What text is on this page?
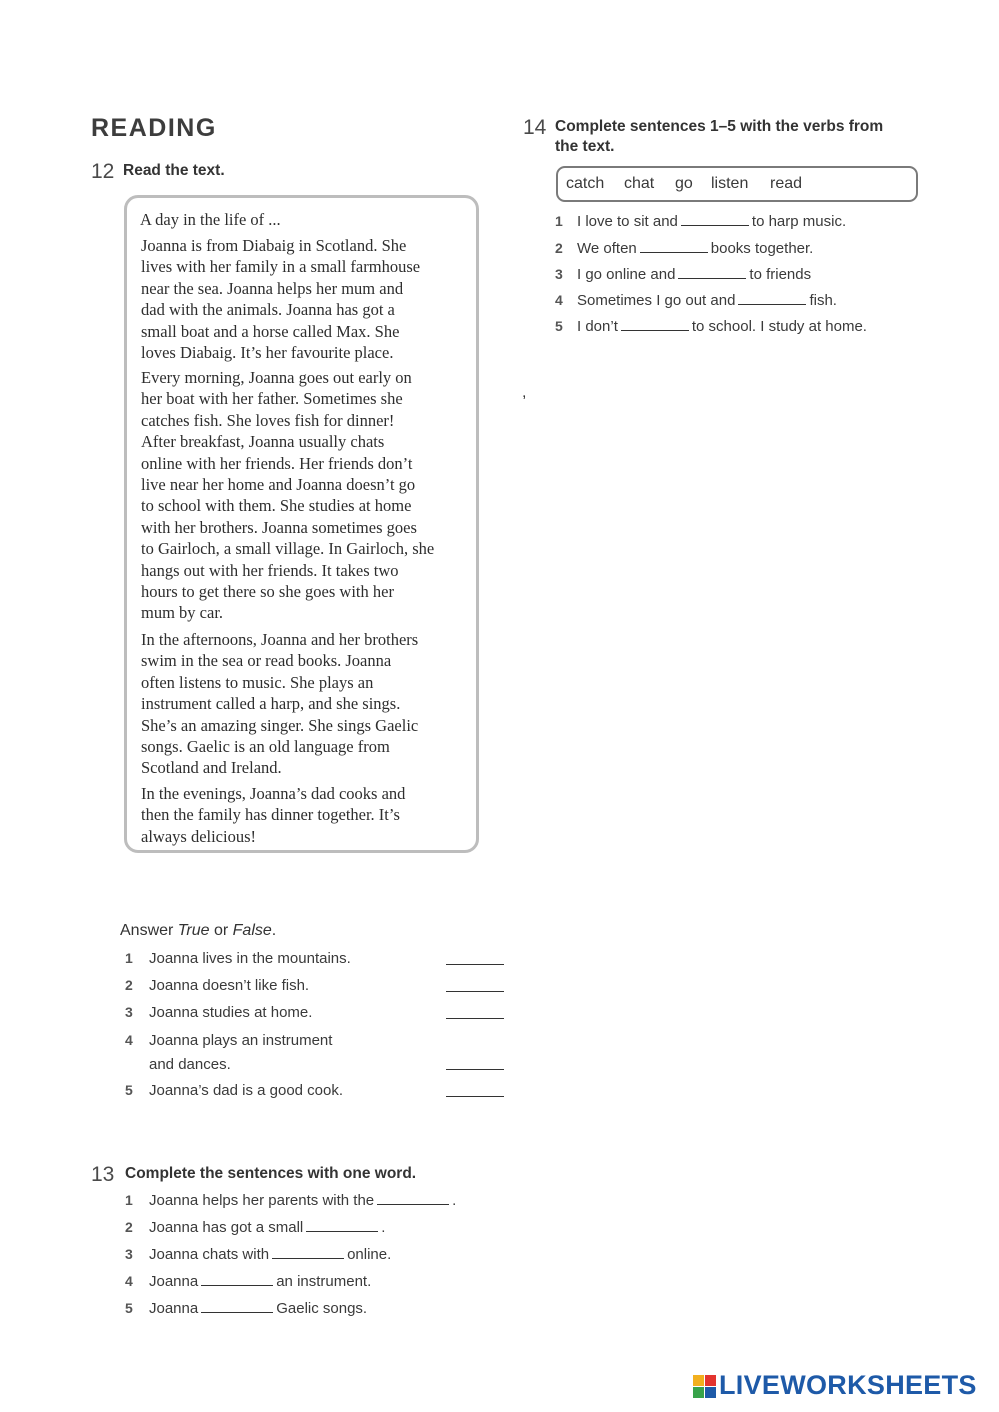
READING
12 Read the text.
A day in the life of ...
Joanna is from Diabaig in Scotland. She
lives with her family in a small farmhouse
near the sea. Joanna helps her mum and
dad with the animals. Joanna has got a
small boat and a horse called Max. She
loves Diabaig. It’s her favourite place.
Every morning, Joanna goes out early on
her boat with her father. Sometimes she
catches fish. She loves fish for dinner!
After breakfast, Joanna usually chats
online with her friends. Her friends don’t
live near her home and Joanna doesn’t go
to school with them. She studies at home
with her brothers. Joanna sometimes goes
to Gairloch, a small village. In Gairloch, she
hangs out with her friends. It takes two
hours to get there so she goes with her
mum by car.
In the afternoons, Joanna and her brothers
swim in the sea or read books. Joanna
often listens to music. She plays an
instrument called a harp, and she sings.
She’s an amazing singer. She sings Gaelic
songs. Gaelic is an old language from
Scotland and Ireland.
In the evenings, Joanna’s dad cooks and
then the family has dinner together. It’s
always delicious!
Answer True or False.
1 Joanna lives in the mountains.
2 Joanna doesn’t like fish.
3 Joanna studies at home.
4 Joanna plays an instrument
and dances.
5 Joanna’s dad is a good cook.
13 Complete the sentences with one word.
1 Joanna helps her parents with the	.
2 Joanna has got a small	.
3 Joanna chats with	online.
4 Joanna	an instrument.
5 Joanna	Gaelic songs.
14 Complete sentences 1–5 with the verbs from
the text.
catch chat go listen read
1 I love to sit and	to harp music.
2 We often	books together.
3 I go online and	to friends
4 Sometimes I go out and	fish.
5 I don’t	to school. I study at home.
,
LIVEWORKSHEETS
